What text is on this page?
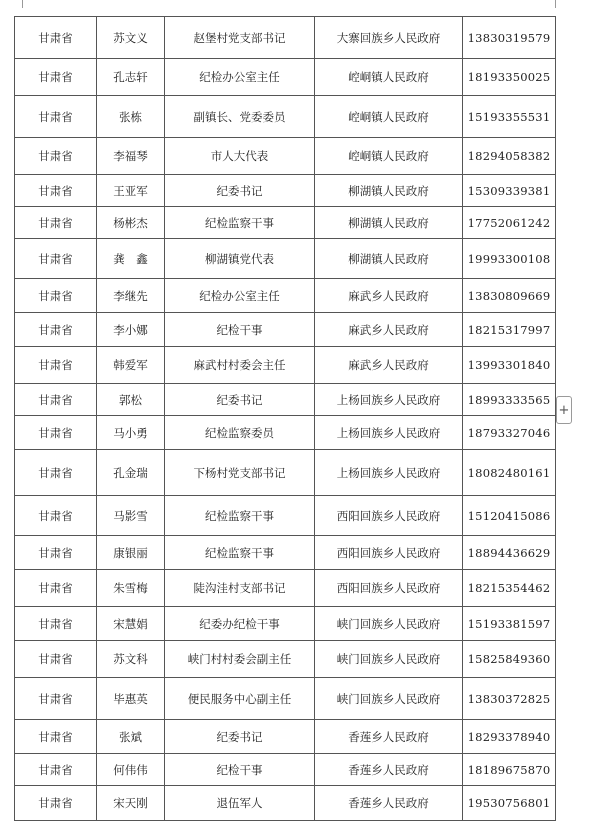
甘肃省	苏文义	赵堡村党支部书记	大寨回族乡人民政府	13830319579
甘肃省	孔志轩	纪检办公室主任	崆峒镇人民政府	18193350025
甘肃省	张栋	副镇长、党委委员	崆峒镇人民政府	15193355531
甘肃省	李福琴	市人大代表	崆峒镇人民政府	18294058382
甘肃省	王亚军	纪委书记	柳湖镇人民政府	15309339381
甘肃省	杨彬杰	纪检监察干事	柳湖镇人民政府	17752061242
甘肃省	龚　鑫	柳湖镇党代表	柳湖镇人民政府	19993300108
甘肃省	李继先	纪检办公室主任	麻武乡人民政府	13830809669
甘肃省	李小娜	纪检干事	麻武乡人民政府	18215317997
甘肃省	韩爱军	麻武村村委会主任	麻武乡人民政府	13993301840
甘肃省	郭松	纪委书记	上杨回族乡人民政府	18993333565
甘肃省	马小勇	纪检监察委员	上杨回族乡人民政府	18793327046
甘肃省	孔金瑞	下杨村党支部书记	上杨回族乡人民政府	18082480161
甘肃省	马影雪	纪检监察干事	西阳回族乡人民政府	15120415086
甘肃省	康银丽	纪检监察干事	西阳回族乡人民政府	18894436629
甘肃省	朱雪梅	陡沟洼村支部书记	西阳回族乡人民政府	18215354462
甘肃省	宋慧娟	纪委办纪检干事	峡门回族乡人民政府	15193381597
甘肃省	苏文科	峡门村村委会副主任	峡门回族乡人民政府	15825849360
甘肃省	毕惠英	便民服务中心副主任	峡门回族乡人民政府	13830372825
甘肃省	张斌	纪委书记	香莲乡人民政府	18293378940
甘肃省	何伟伟	纪检干事	香莲乡人民政府	18189675870
甘肃省	宋天刚	退伍军人	香莲乡人民政府	19530756801
+
